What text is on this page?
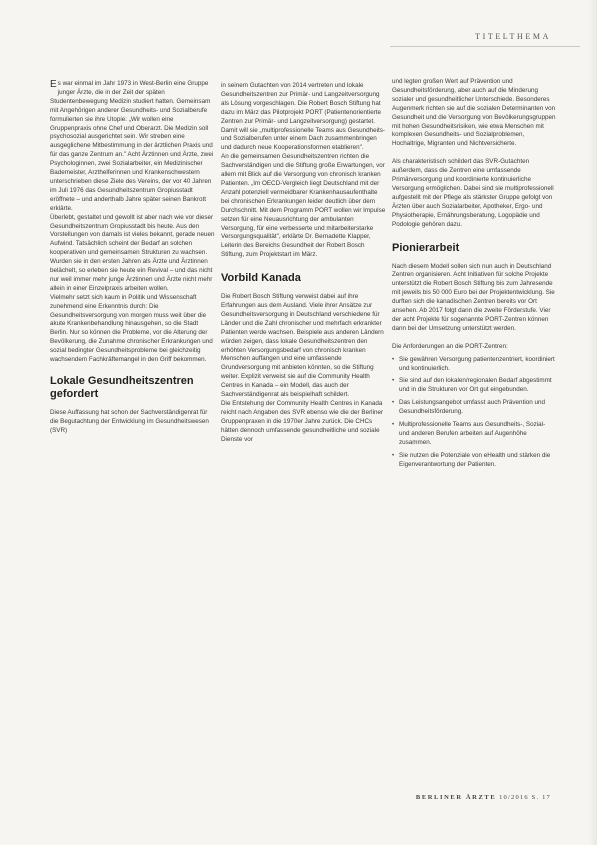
TITELTHEMA

Es war einmal im Jahr 1973 in West-Berlin eine Gruppe junger Ärzte, die in der Zeit der späten Studentenbewegung Medizin studiert hatten. Gemeinsam mit Angehörigen anderer Gesundheits- und Sozialberufe formulierten sie ihre Utopie: „Wir wollen eine Gruppenpraxis ohne Chef und Oberarzt. Die Medizin soll psychosozial ausgerichtet sein. Wir streben eine ausgeglichene Mitbestimmung in der ärztlichen Praxis und für das ganze Zentrum an." Acht Ärztinnen und Ärzte, zwei Psychologinnen, zwei Sozialarbeiter, ein Medizinischer Bademeister, Arzthelferinnen und Krankenschwestern unterschrieben diese Ziele des Vereins, der vor 40 Jahren im Juli 1976 das Gesundheitszentrum Gropiusstadt eröffnete – und anderthalb Jahre später seinen Bankrott erklärte.

Überlebt, gestaltet und gewollt ist aber nach wie vor dieser Gesundheitszentrum Gropiusstadt bis heute. Aus den Vorstellungen von damals ist vieles bekannt, gerade neuen Aufwind. Tatsächlich scheint der Bedarf an solchen kooperativen und gemeinsamen Strukturen zu wachsen. Wurden sie in den ersten Jahren als Ärzte und Ärztinnen belächelt, so erleben sie heute ein Revival – und das nicht nur weil immer mehr junge Ärztinnen und Ärzte nicht mehr allein in einer Einzelpraxis arbeiten wollen.

Vielmehr setzt sich kaum in Politik und Wissenschaft zunehmend eine Erkenntnis durch: Die Gesundheitsversorgung von morgen muss weit über die akute Krankenbehandlung hinausgehen, so die Stadt Berlin. Nur so können die Probleme, vor die Alterung der Bevölkerung, die Zunahme chronischer Erkrankungen und sozial bedingter Gesundheitsprobleme bei gleichzeitig wachsendem Fachkräftemangel in den Griff bekommen.

Lokale Gesundheitszentren gefordert

Diese Auffassung hat schon der Sachverständigenrat für die Begutachtung der Entwicklung im Gesundheitswesen (SVR)

in seinem Gutachten von 2014 vertreten und lokale Gesundheitszentren zur Primär- und Langzeitversorgung als Lösung vorgeschlagen. Die Robert Bosch Stiftung hat dazu im März das Pilotprojekt PORT (Patientenorientierte Zentren zur Primär- und Langzeitversorgung) gestartet. Damit will sie „multiprofessionelle Teams aus Gesundheits- und Sozialberufen unter einem Dach zusammenbringen und dadurch neue Kooperationsformen etablieren".

An die gemeinsamen Gesundheitszentren richten die Sachverständigen und die Stiftung große Erwartungen, vor allem mit Blick auf die Versorgung von chronisch kranken Patienten. „Im OECD-Vergleich liegt Deutschland mit der Anzahl potenziell vermeidbarer Krankenhausaufenthalte bei chronischen Erkrankungen leider deutlich über dem Durchschnitt. Mit dem Programm PORT wollen wir Impulse setzen für eine Neuausrichtung der ambulanten Versorgung, für eine verbesserte und mitarbeiterstarke Versorgungsqualität", erklärte Dr. Bernadette Klapper, Leiterin des Bereichs Gesundheit der Robert Bosch Stiftung, zum Projektstart im März.

Vorbild Kanada

Die Robert Bosch Stiftung verweist dabei auf ihre Erfahrungen aus dem Ausland. Viele ihrer Ansätze zur Gesundheitsversorgung in Deutschland verschiedene für Länder und die Zahl chronischer und mehrfach erkrankter Patienten werde wachsen. Beispiele aus anderen Ländern würden zeigen, dass lokale Gesundheitszentren den erhöhten Versorgungsbedarf von chronisch kranken Menschen auffangen und eine umfassende Grundversorgung mit anbieten könnten, so die Stiftung weiter. Explizit verweist sie auf die Community Health Centres in Kanada – ein Modell, das auch der Sachverständigenrat als beispielhaft schildert.

Die Entstehung der Community Health Centres in Kanada reicht nach Angaben des SVR ebenso wie die der Berliner Gruppenpraxen in die 1970er Jahre zurück. Die CHCs hätten dennoch umfassende gesundheitliche und soziale Dienste vor

und legten großen Wert auf Prävention und Gesundheitsförderung, aber auch auf die Minderung sozialer und gesundheitlicher Unterschiede. Besonderes Augenmerk richten sie auf die sozialen Determinanten von Gesundheit und die Versorgung von Bevölkerungsgruppen mit hohen Gesundheitsrisiken, wie etwa Menschen mit komplexen Gesundheits- und Sozialproblemen, Hochaltrige, Migranten und Nichtversicherte.

Als charakteristisch schildert das SVR-Gutachten außerdem, dass die Zentren eine umfassende Primärversorgung und koordinierte kontinuierliche Versorgung ermöglichen. Dabei sind sie multiprofessionell aufgestellt mit der Pflege als stärkster Gruppe gefolgt von Ärzten über auch Sozialarbeiter, Apotheker, Ergo- und Physiotherapie, Ernährungsberatung, Logopädie und Podologie gehören dazu.

Pionierarbeit

Nach diesem Modell sollen sich nun auch in Deutschland Zentren organisieren. Acht Initiativen für solche Projekte unterstützt die Robert Bosch Stiftung bis zum Jahresende mit jeweils bis 50 000 Euro bei der Projektentwicklung. Sie durften sich die kanadischen Zentren bereits vor Ort ansehen. Ab 2017 folgt dann die zweite Förderstufe. Vier der acht Projekte für sogenannte PORT-Zentren können dann bei der Umsetzung unterstützt werden.

Die Anforderungen an die PORT-Zentren:

• Sie gewähren Versorgung patientenzentriert, koordiniert und kontinuierlich.
• Sie sind auf den lokalen/regionalen Bedarf abgestimmt und in die Strukturen vor Ort gut eingebunden.
• Das Leistungsangebot umfasst auch Prävention und Gesundheitsförderung.
• Multiprofessionelle Teams aus Gesundheits-, Sozial- und anderen Berufen arbeiten auf Augenhöhe zusammen.
• Sie nutzen die Potenziale von eHealth und stärken die Eigenverantwortung der Patienten.
BERLINER ÄRZTE 10/2016 S. 17
